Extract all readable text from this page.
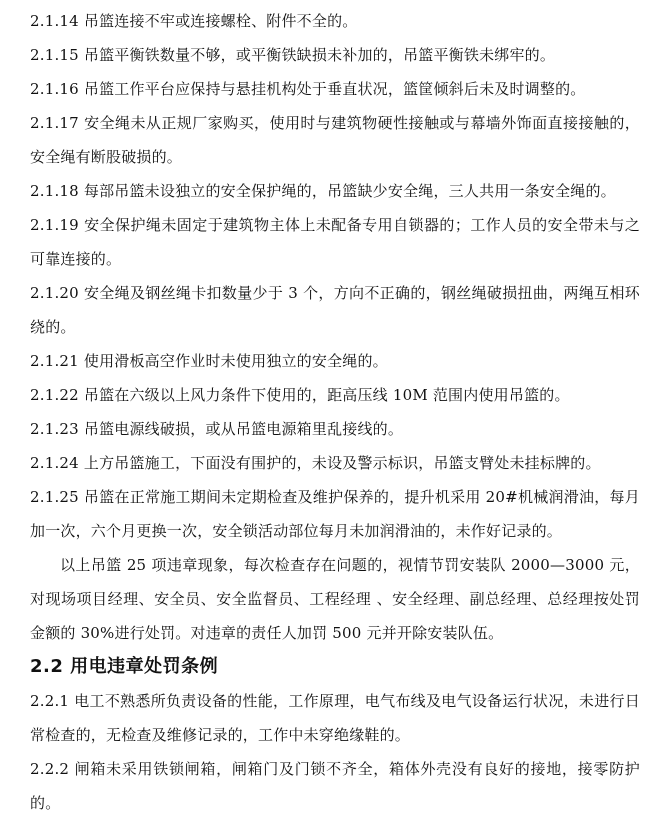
2.1.14 吊篮连接不牢或连接螺栓、附件不全的。

2.1.15 吊篮平衡铁数量不够，或平衡铁缺损未补加的，吊篮平衡铁未绑牢的。

2.1.16 吊篮工作平台应保持与悬挂机构处于垂直状况，篮筐倾斜后未及时调整的。

2.1.17 安全绳未从正规厂家购买，使用时与建筑物硬性接触或与幕墙外饰面直接接触的，安全绳有断股破损的。

2.1.18 每部吊篮未设独立的安全保护绳的，吊篮缺少安全绳，三人共用一条安全绳的。

2.1.19 安全保护绳未固定于建筑物主体上未配备专用自锁器的；工作人员的安全带未与之可靠连接的。

2.1.20 安全绳及钢丝绳卡扣数量少于 3 个，方向不正确的，钢丝绳破损扭曲，两绳互相环绕的。

2.1.21 使用滑板高空作业时未使用独立的安全绳的。

2.1.22 吊篮在六级以上风力条件下使用的，距高压线 10M 范围内使用吊篮的。

2.1.23 吊篮电源线破损，或从吊篮电源箱里乱接线的。

2.1.24 上方吊篮施工，下面没有围护的，未设及警示标识，吊篮支臂处未挂标牌的。

2.1.25 吊篮在正常施工期间未定期检查及维护保养的，提升机采用 20#机械润滑油，每月加一次，六个月更换一次，安全锁活动部位每月未加润滑油的，未作好记录的。

以上吊篮 25 项违章现象，每次检查存在问题的，视情节罚安装队 2000—3000 元，对现场项目经理、安全员、安全监督员、工程经理 、安全经理、副总经理、总经理按处罚金额的 30%进行处罚。对违章的责任人加罚 500 元并开除安装队伍。

2.2 用电违章处罚条例

2.2.1 电工不熟悉所负责设备的性能，工作原理，电气布线及电气设备运行状况，未进行日常检查的，无检查及维修记录的，工作中未穿绝缘鞋的。

2.2.2 闸箱未采用铁锁闸箱，闸箱门及门锁不齐全，箱体外壳没有良好的接地，接零防护的。
